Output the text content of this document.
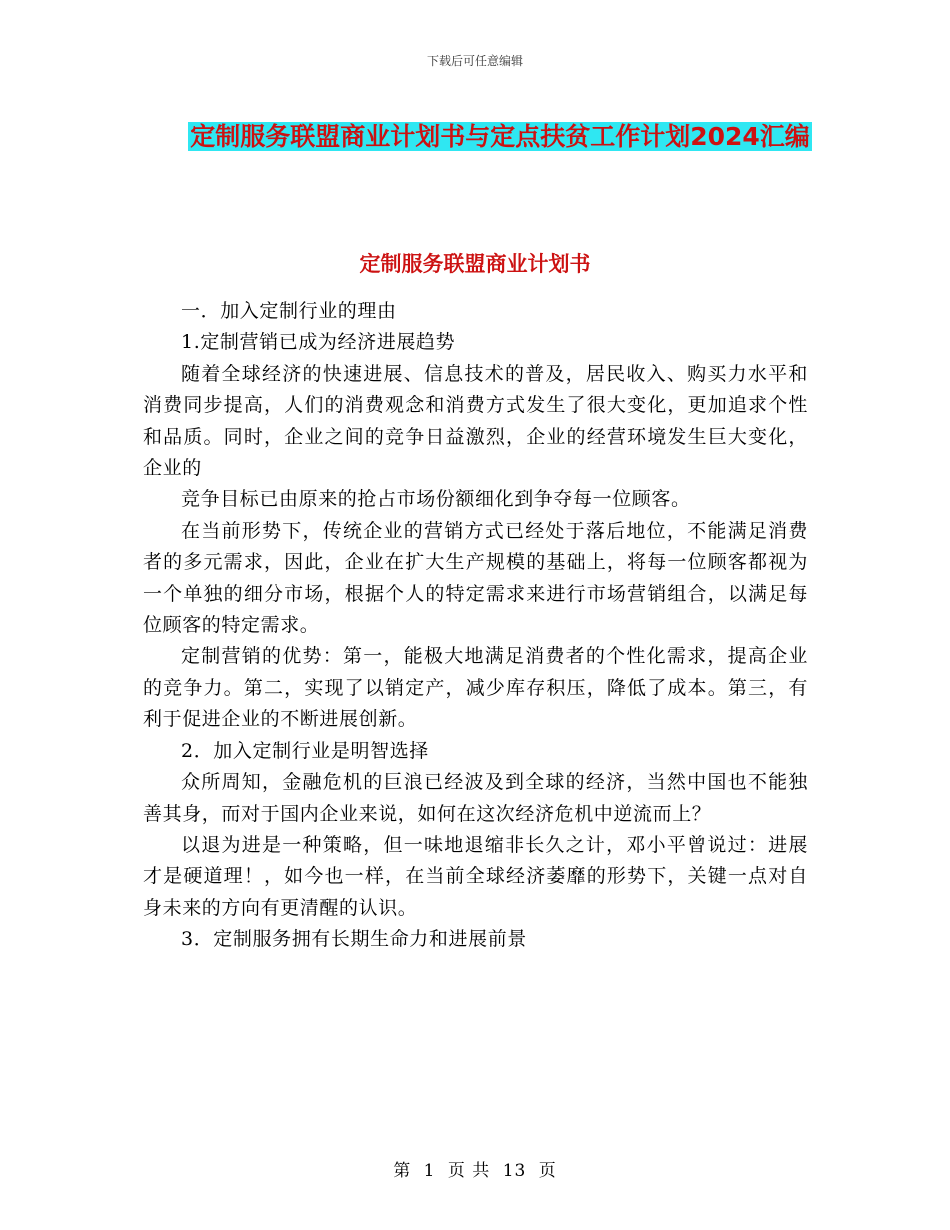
下载后可任意编辑
定制服务联盟商业计划书与定点扶贫工作计划2024汇编
定制服务联盟商业计划书

一．加入定制行业的理由

1.定制营销已成为经济进展趋势

随着全球经济的快速进展、信息技术的普及，居民收入、购买力水平和消费同步提高，人们的消费观念和消费方式发生了很大变化，更加追求个性和品质。同时，企业之间的竞争日益激烈，企业的经营环境发生巨大变化，企业的

竞争目标已由原来的抢占市场份额细化到争夺每一位顾客。

在当前形势下，传统企业的营销方式已经处于落后地位，不能满足消费者的多元需求，因此，企业在扩大生产规模的基础上，将每一位顾客都视为一个单独的细分市场，根据个人的特定需求来进行市场营销组合，以满足每位顾客的特定需求。

定制营销的优势：第一，能极大地满足消费者的个性化需求，提高企业的竞争力。第二，实现了以销定产，减少库存积压，降低了成本。第三，有利于促进企业的不断进展创新。

2．加入定制行业是明智选择

众所周知，金融危机的巨浪已经波及到全球的经济，当然中国也不能独善其身，而对于国内企业来说，如何在这次经济危机中逆流而上？

以退为进是一种策略，但一味地退缩非长久之计，邓小平曾说过：进展才是硬道理！，如今也一样，在当前全球经济萎靡的形势下，关键一点对自身未来的方向有更清醒的认识。

3．定制服务拥有长期生命力和进展前景

第 1 页 共 13 页
